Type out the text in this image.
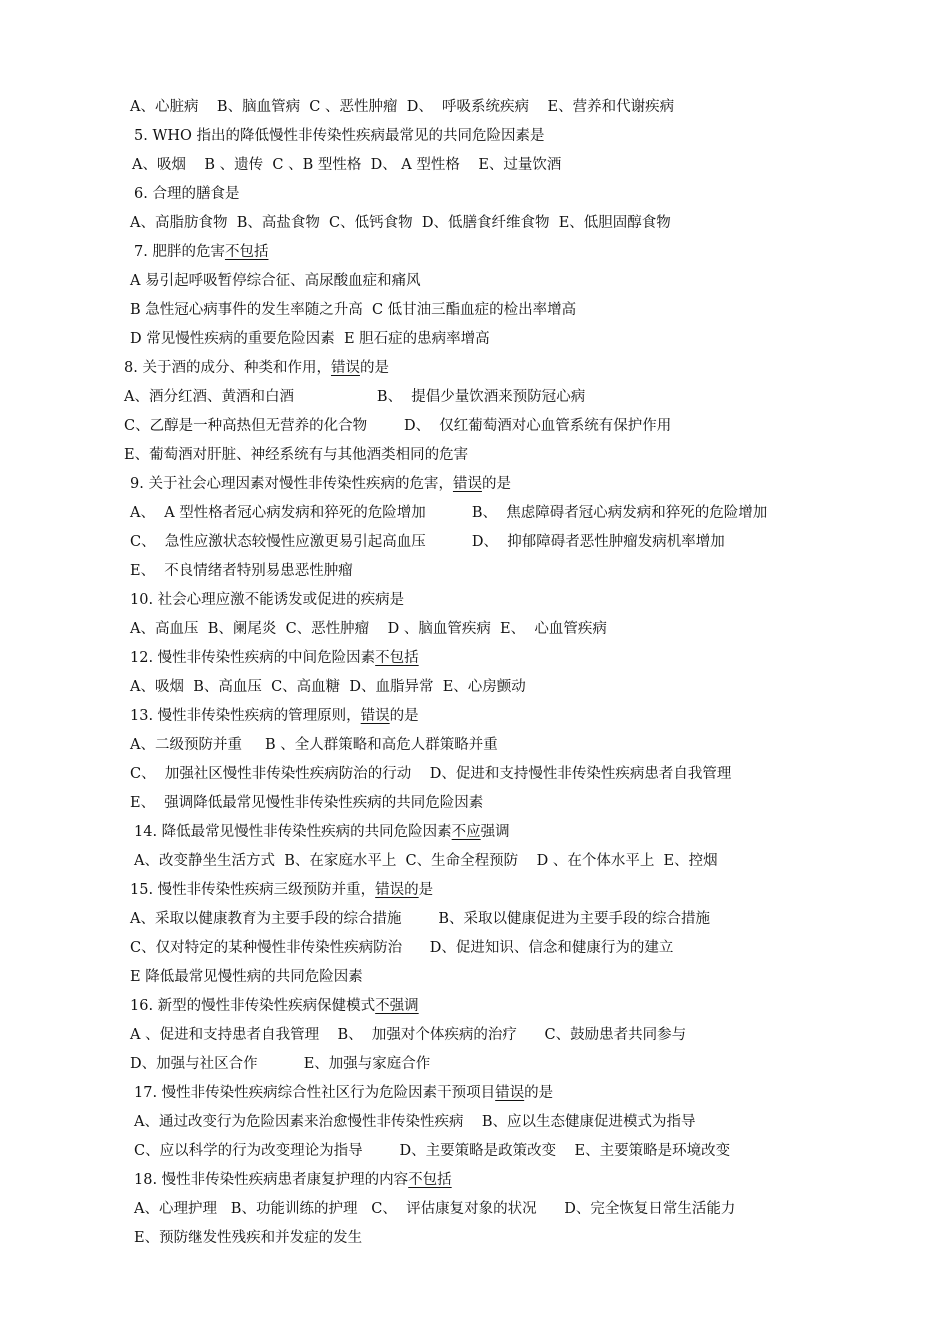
A、心脏病    B、脑血管病  C 、恶性肿瘤  D、  呼吸系统疾病    E、营养和代谢疾病
5. WHO 指出的降低慢性非传染性疾病最常见的共同危险因素是
A、吸烟    B 、遗传  C 、B 型性格  D、 A 型性格    E、过量饮酒
6. 合理的膳食是
A、高脂肪食物  B、高盐食物  C、低钙食物  D、低膳食纤维食物  E、低胆固醇食物
7. 肥胖的危害不包括
A 易引起呼吸暂停综合征、高尿酸血症和痛风
B 急性冠心病事件的发生率随之升高  C 低甘油三酯血症的检出率增高
D 常见慢性疾病的重要危险因素  E 胆石症的患病率增高
8. 关于酒的成分、种类和作用，错误的是
A、酒分红酒、黄酒和白酒                  B、  提倡少量饮酒来预防冠心病
C、乙醇是一种高热但无营养的化合物        D、  仅红葡萄酒对心血管系统有保护作用
E、葡萄酒对肝脏、神经系统有与其他酒类相同的危害
9. 关于社会心理因素对慢性非传染性疾病的危害，错误的是
A、  A 型性格者冠心病发病和猝死的危险增加          B、  焦虑障碍者冠心病发病和猝死的危险增加
C、  急性应激状态较慢性应激更易引起高血压          D、  抑郁障碍者恶性肿瘤发病机率增加
E、  不良情绪者特别易患恶性肿瘤
10. 社会心理应激不能诱发或促进的疾病是
A、高血压  B、阑尾炎  C、恶性肿瘤    D 、脑血管疾病  E、  心血管疾病
12. 慢性非传染性疾病的中间危险因素不包括
A、吸烟  B、高血压  C、高血糖  D、血脂异常  E、心房颤动
13. 慢性非传染性疾病的管理原则，错误的是
A、二级预防并重     B 、全人群策略和高危人群策略并重
C、  加强社区慢性非传染性疾病防治的行动    D、促进和支持慢性非传染性疾病患者自我管理
E、  强调降低最常见慢性非传染性疾病的共同危险因素
14. 降低最常见慢性非传染性疾病的共同危险因素不应强调
A、改变静坐生活方式  B、在家庭水平上  C、生命全程预防    D 、在个体水平上  E、控烟
15. 慢性非传染性疾病三级预防并重，错误的是
A、采取以健康教育为主要手段的综合措施        B、采取以健康促进为主要手段的综合措施
C、仅对特定的某种慢性非传染性疾病防治      D、促进知识、信念和健康行为的建立
E 降低最常见慢性病的共同危险因素
16. 新型的慢性非传染性疾病保健模式不强调
A 、促进和支持患者自我管理    B、  加强对个体疾病的治疗      C、鼓励患者共同参与
D、加强与社区合作          E、加强与家庭合作
17. 慢性非传染性疾病综合性社区行为危险因素干预项目错误的是
A、通过改变行为危险因素来治愈慢性非传染性疾病    B、应以生态健康促进模式为指导
C、应以科学的行为改变理论为指导        D、主要策略是政策改变    E、主要策略是环境改变
18. 慢性非传染性疾病患者康复护理的内容不包括
A、心理护理   B、功能训练的护理   C、  评估康复对象的状况      D、完全恢复日常生活能力
E、预防继发性残疾和并发症的发生
